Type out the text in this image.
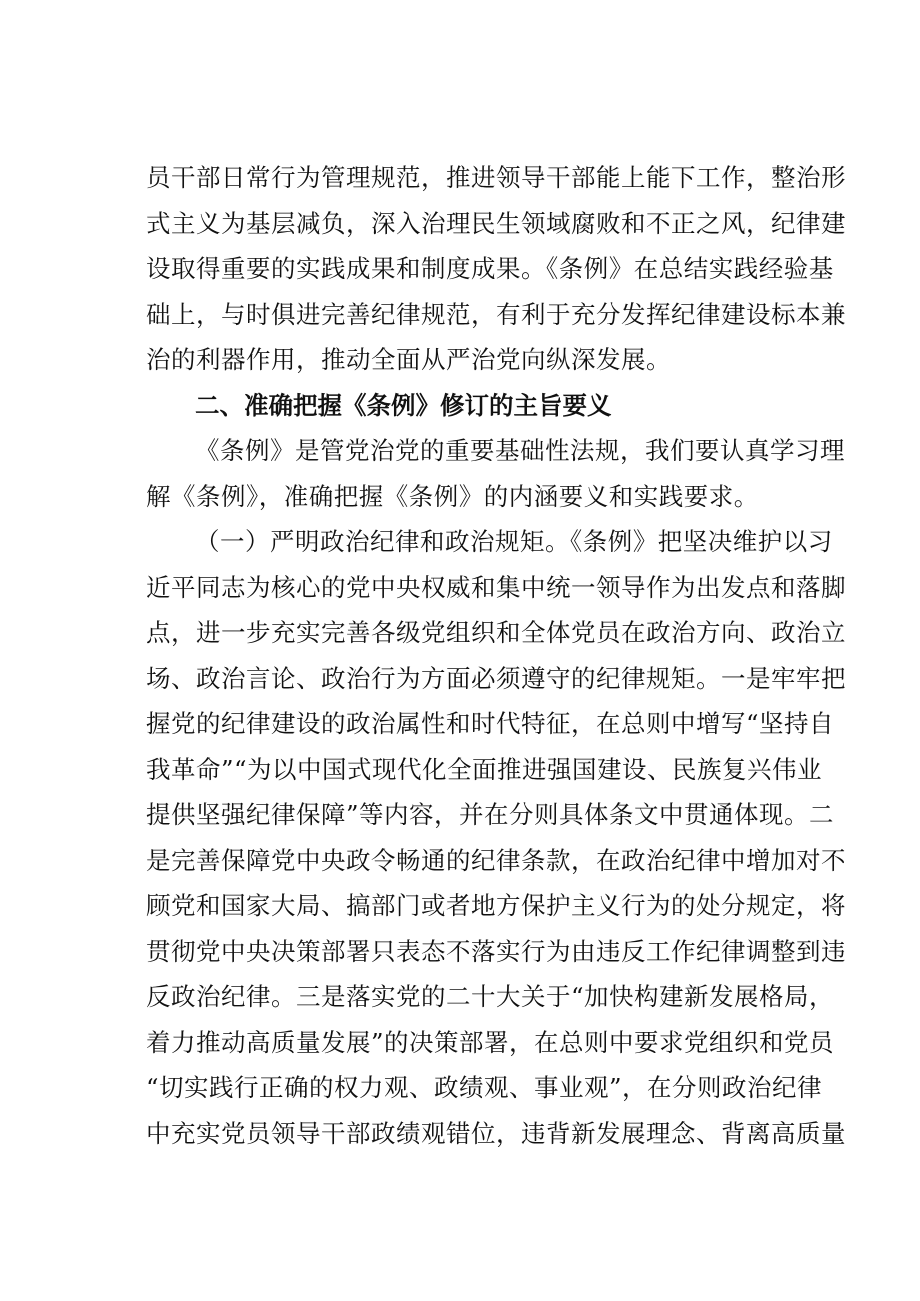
员干部日常行为管理规范，推进领导干部能上能下工作，整治形
式主义为基层减负，深入治理民生领域腐败和不正之风，纪律建
设取得重要的实践成果和制度成果。《条例》在总结实践经验基
础上，与时俱进完善纪律规范，有利于充分发挥纪律建设标本兼
治的利器作用，推动全面从严治党向纵深发展。
二、准确把握《条例》修订的主旨要义
《条例》是管党治党的重要基础性法规，我们要认真学习理
解《条例》，准确把握《条例》的内涵要义和实践要求。
（一）严明政治纪律和政治规矩。《条例》把坚决维护以习
近平同志为核心的党中央权威和集中统一领导作为出发点和落脚
点，进一步充实完善各级党组织和全体党员在政治方向、政治立
场、政治言论、政治行为方面必须遵守的纪律规矩。一是牢牢把
握党的纪律建设的政治属性和时代特征，在总则中增写“坚持自
我革命”“为以中国式现代化全面推进强国建设、民族复兴伟业
提供坚强纪律保障”等内容，并在分则具体条文中贯通体现。二
是完善保障党中央政令畅通的纪律条款，在政治纪律中增加对不
顾党和国家大局、搞部门或者地方保护主义行为的处分规定，将
贯彻党中央决策部署只表态不落实行为由违反工作纪律调整到违
反政治纪律。三是落实党的二十大关于“加快构建新发展格局，
着力推动高质量发展”的决策部署，在总则中要求党组织和党员
“切实践行正确的权力观、政绩观、事业观”，在分则政治纪律
中充实党员领导干部政绩观错位，违背新发展理念、背离高质量
